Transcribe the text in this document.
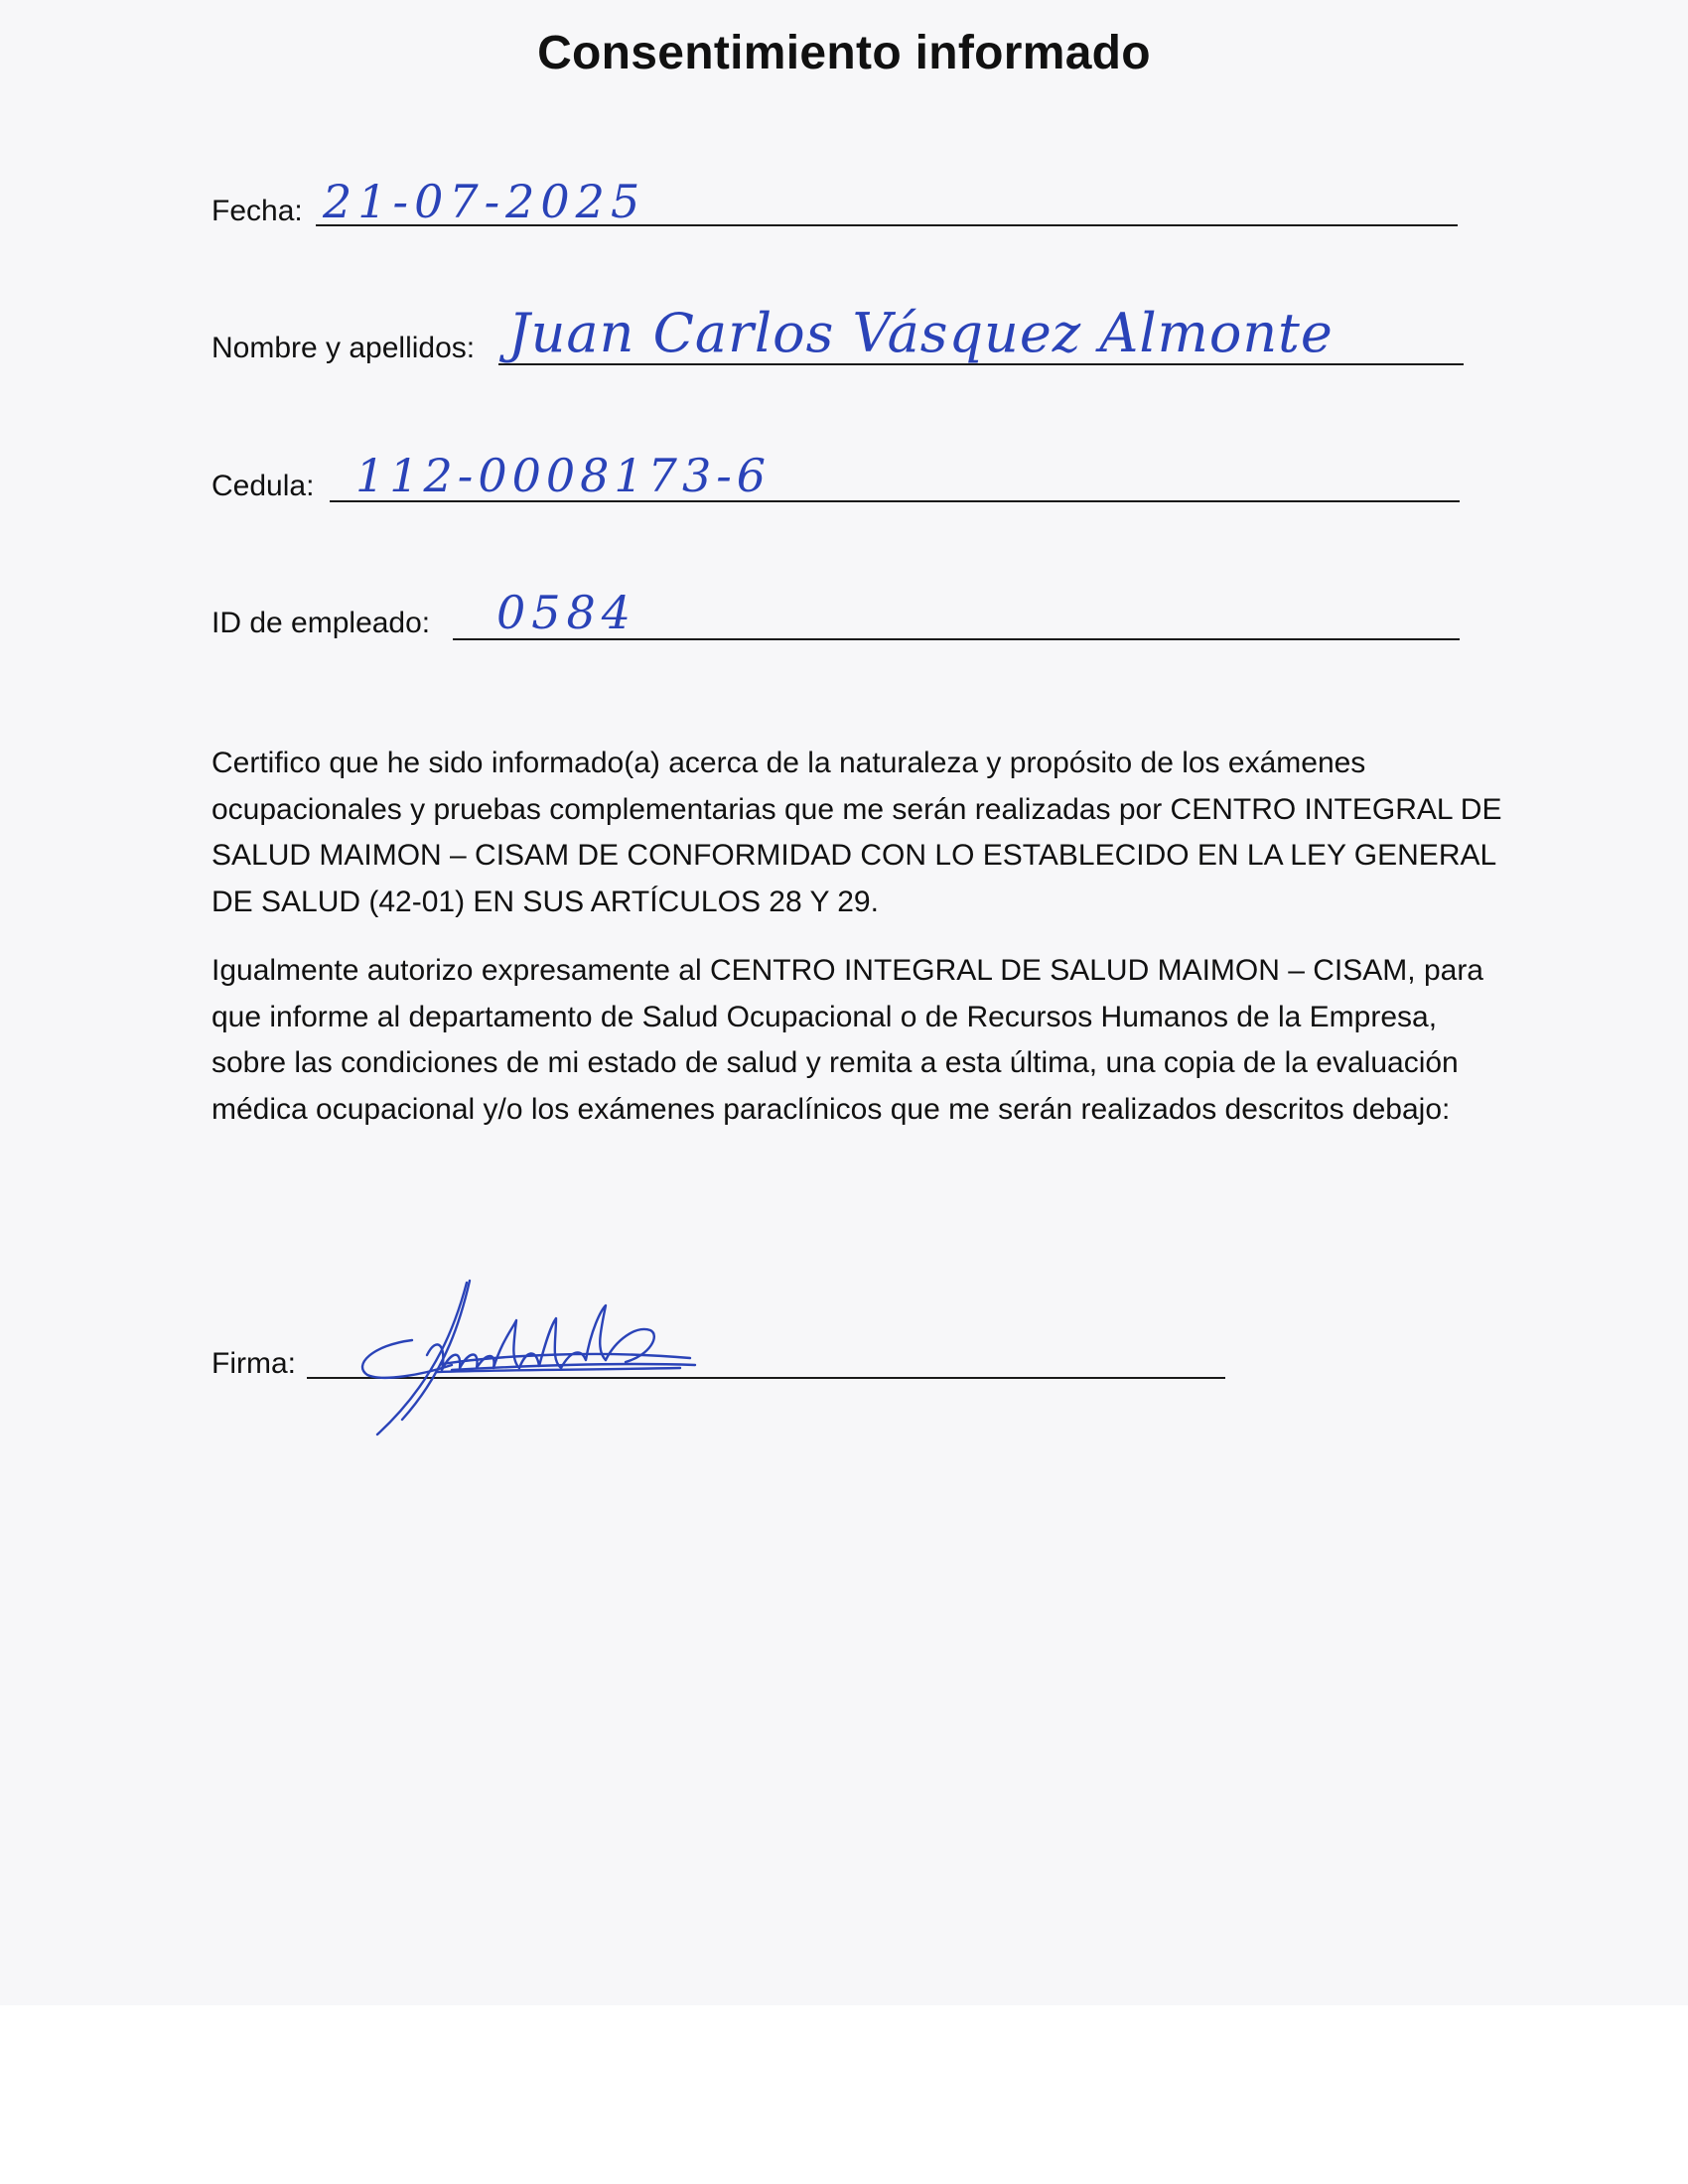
Consentimiento informado
Fecha: 21-07-2025
Nombre y apellidos: Juan Carlos Vásquez Almonte
Cedula: 112-0008173-6
ID de empleado: 0584
Certifico que he sido informado(a) acerca de la naturaleza y propósito de los exámenes ocupacionales y pruebas complementarias que me serán realizadas por CENTRO INTEGRAL DE SALUD MAIMON – CISAM DE CONFORMIDAD CON LO ESTABLECIDO EN LA LEY GENERAL DE SALUD (42-01) EN SUS ARTÍCULOS 28 Y 29.
Igualmente autorizo expresamente al CENTRO INTEGRAL DE SALUD MAIMON – CISAM, para que informe al departamento de Salud Ocupacional o de Recursos Humanos de la Empresa, sobre las condiciones de mi estado de salud y remita a esta última, una copia de la evaluación médica ocupacional y/o los exámenes paraclínicos que me serán realizados descritos debajo:
Firma:
